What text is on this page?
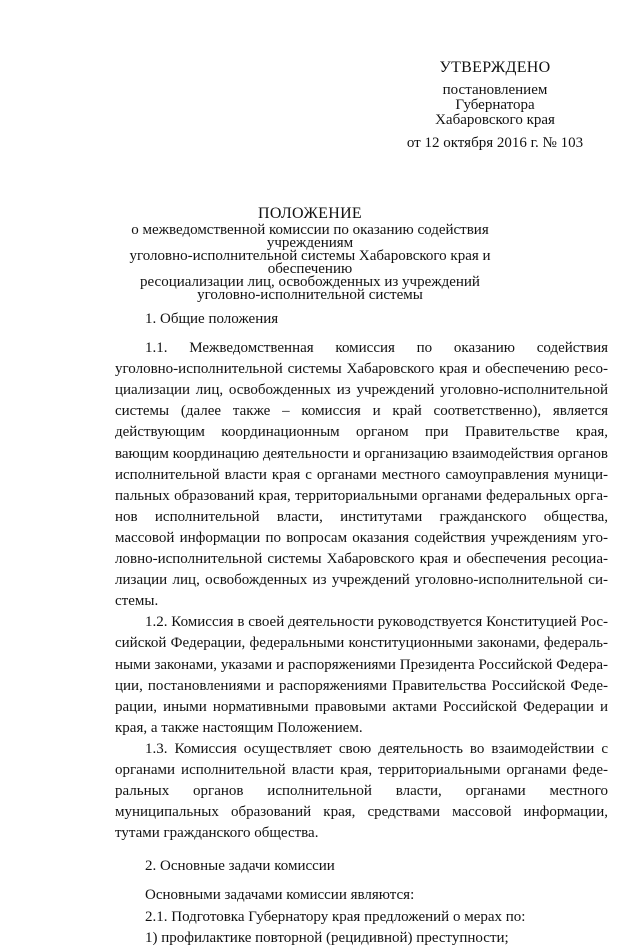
УТВЕРЖДЕНО
постановлением
Губернатора
Хабаровского края
от 12 октября 2016 г. № 103
ПОЛОЖЕНИЕ
о межведомственной комиссии по оказанию содействия учреждениям
уголовно-исполнительной системы Хабаровского края и обеспечению
ресоциализации лиц, освобожденных из учреждений
уголовно-исполнительной системы
1. Общие положения
1.1. Межведомственная комиссия по оказанию содействия
уголовно-исполнительной системы Хабаровского края и обеспечению ресо-
циализации лиц, освобожденных из учреждений уголовно-исполнительной
системы (далее также – комиссия и край соответственно), является
действующим координационным органом при Правительстве края,
вающим координацию деятельности и организацию взаимодействия органов
исполнительной власти края с органами местного самоуправления муници-
пальных образований края, территориальными органами федеральных орга-
нов исполнительной власти, институтами гражданского общества,
массовой информации по вопросам оказания содействия учреждениям уго-
ловно-исполнительной системы Хабаровского края и обеспечения ресоциа-
лизации лиц, освобожденных из учреждений уголовно-исполнительной си-
стемы.
1.2. Комиссия в своей деятельности руководствуется Конституцией Рос-
сийской Федерации, федеральными конституционными законами, федераль-
ными законами, указами и распоряжениями Президента Российской Федера-
ции, постановлениями и распоряжениями Правительства Российской Феде-
рации, иными нормативными правовыми актами Российской Федерации и
края, а также настоящим Положением.
1.3. Комиссия осуществляет свою деятельность во взаимодействии с
органами исполнительной власти края, территориальными органами феде-
ральных органов исполнительной власти, органами местного
муниципальных образований края, средствами массовой информации,
тутами гражданского общества.
2. Основные задачи комиссии
Основными задачами комиссии являются:
2.1. Подготовка Губернатору края предложений о мерах по:
1) профилактике повторной (рецидивной) преступности;
